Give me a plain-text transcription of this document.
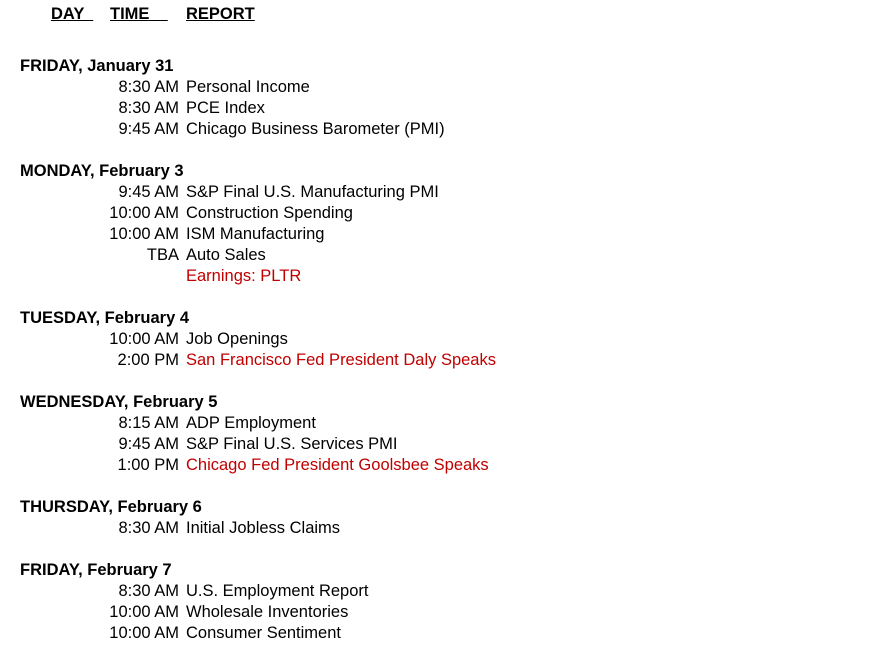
DAY TIME REPORT
FRIDAY, January 31
8:30 AM Personal Income
8:30 AM PCE Index
9:45 AM Chicago Business Barometer (PMI)
MONDAY, February 3
9:45 AM S&P Final U.S. Manufacturing PMI
10:00 AM Construction Spending
10:00 AM ISM Manufacturing
TBA Auto Sales
Earnings: PLTR
TUESDAY, February 4
10:00 AM Job Openings
2:00 PM San Francisco Fed President Daly Speaks
WEDNESDAY, February 5
8:15 AM ADP Employment
9:45 AM S&P Final U.S. Services PMI
1:00 PM Chicago Fed President Goolsbee Speaks
THURSDAY, February 6
8:30 AM Initial Jobless Claims
FRIDAY, February 7
8:30 AM U.S. Employment Report
10:00 AM Wholesale Inventories
10:00 AM Consumer Sentiment
